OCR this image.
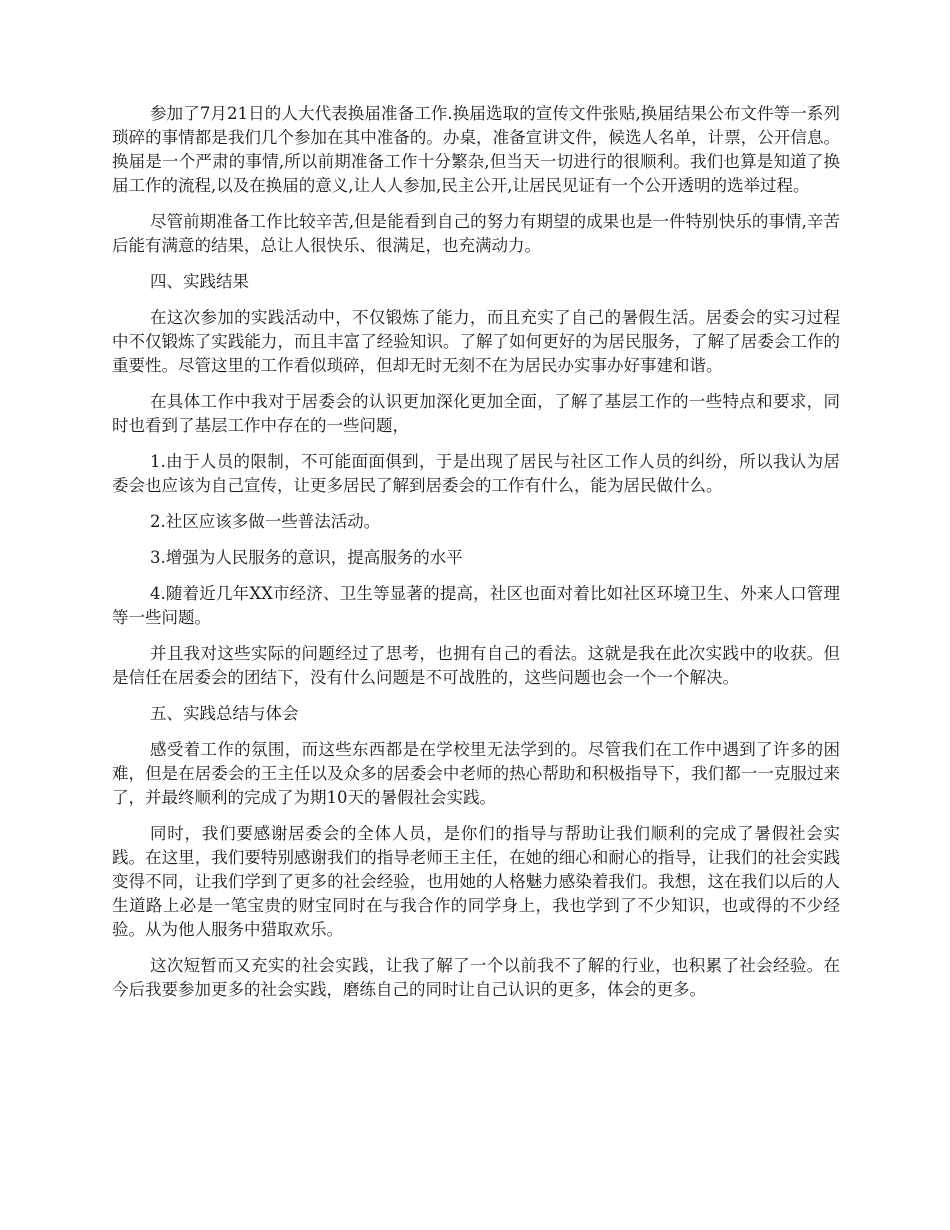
参加了7月21日的人大代表换届准备工作.换届选取的宣传文件张贴,换届结果公布文件等一系列琐碎的事情都是我们几个参加在其中准备的。办桌，准备宣讲文件，候选人名单，计票，公开信息。换届是一个严肃的事情,所以前期准备工作十分繁杂,但当天一切进行的很顺利。我们也算是知道了换届工作的流程,以及在换届的意义,让人人参加,民主公开,让居民见证有一个公开透明的选举过程。

尽管前期准备工作比较辛苦,但是能看到自己的努力有期望的成果也是一件特别快乐的事情,辛苦后能有满意的结果，总让人很快乐、很满足，也充满动力。

四、实践结果

在这次参加的实践活动中，不仅锻炼了能力，而且充实了自己的暑假生活。居委会的实习过程中不仅锻炼了实践能力，而且丰富了经验知识。了解了如何更好的为居民服务，了解了居委会工作的重要性。尽管这里的工作看似琐碎，但却无时无刻不在为居民办实事办好事建和谐。

在具体工作中我对于居委会的认识更加深化更加全面，了解了基层工作的一些特点和要求，同时也看到了基层工作中存在的一些问题，

1.由于人员的限制，不可能面面俱到，于是出现了居民与社区工作人员的纠纷，所以我认为居委会也应该为自己宣传，让更多居民了解到居委会的工作有什么，能为居民做什么。

2.社区应该多做一些普法活动。

3.增强为人民服务的意识，提高服务的水平

4.随着近几年XX市经济、卫生等显著的提高，社区也面对着比如社区环境卫生、外来人口管理等一些问题。

并且我对这些实际的问题经过了思考，也拥有自己的看法。这就是我在此次实践中的收获。但是信任在居委会的团结下，没有什么问题是不可战胜的，这些问题也会一个一个解决。

五、实践总结与体会

感受着工作的氛围，而这些东西都是在学校里无法学到的。尽管我们在工作中遇到了许多的困难，但是在居委会的王主任以及众多的居委会中老师的热心帮助和积极指导下，我们都一一克服过来了，并最终顺利的完成了为期10天的暑假社会实践。

同时，我们要感谢居委会的全体人员，是你们的指导与帮助让我们顺利的完成了暑假社会实践。在这里，我们要特别感谢我们的指导老师王主任，在她的细心和耐心的指导，让我们的社会实践变得不同，让我们学到了更多的社会经验，也用她的人格魅力感染着我们。我想，这在我们以后的人生道路上必是一笔宝贵的财宝同时在与我合作的同学身上，我也学到了不少知识，也或得的不少经验。从为他人服务中猎取欢乐。

这次短暂而又充实的社会实践，让我了解了一个以前我不了解的行业，也积累了社会经验。在今后我要参加更多的社会实践，磨练自己的同时让自己认识的更多，体会的更多。
